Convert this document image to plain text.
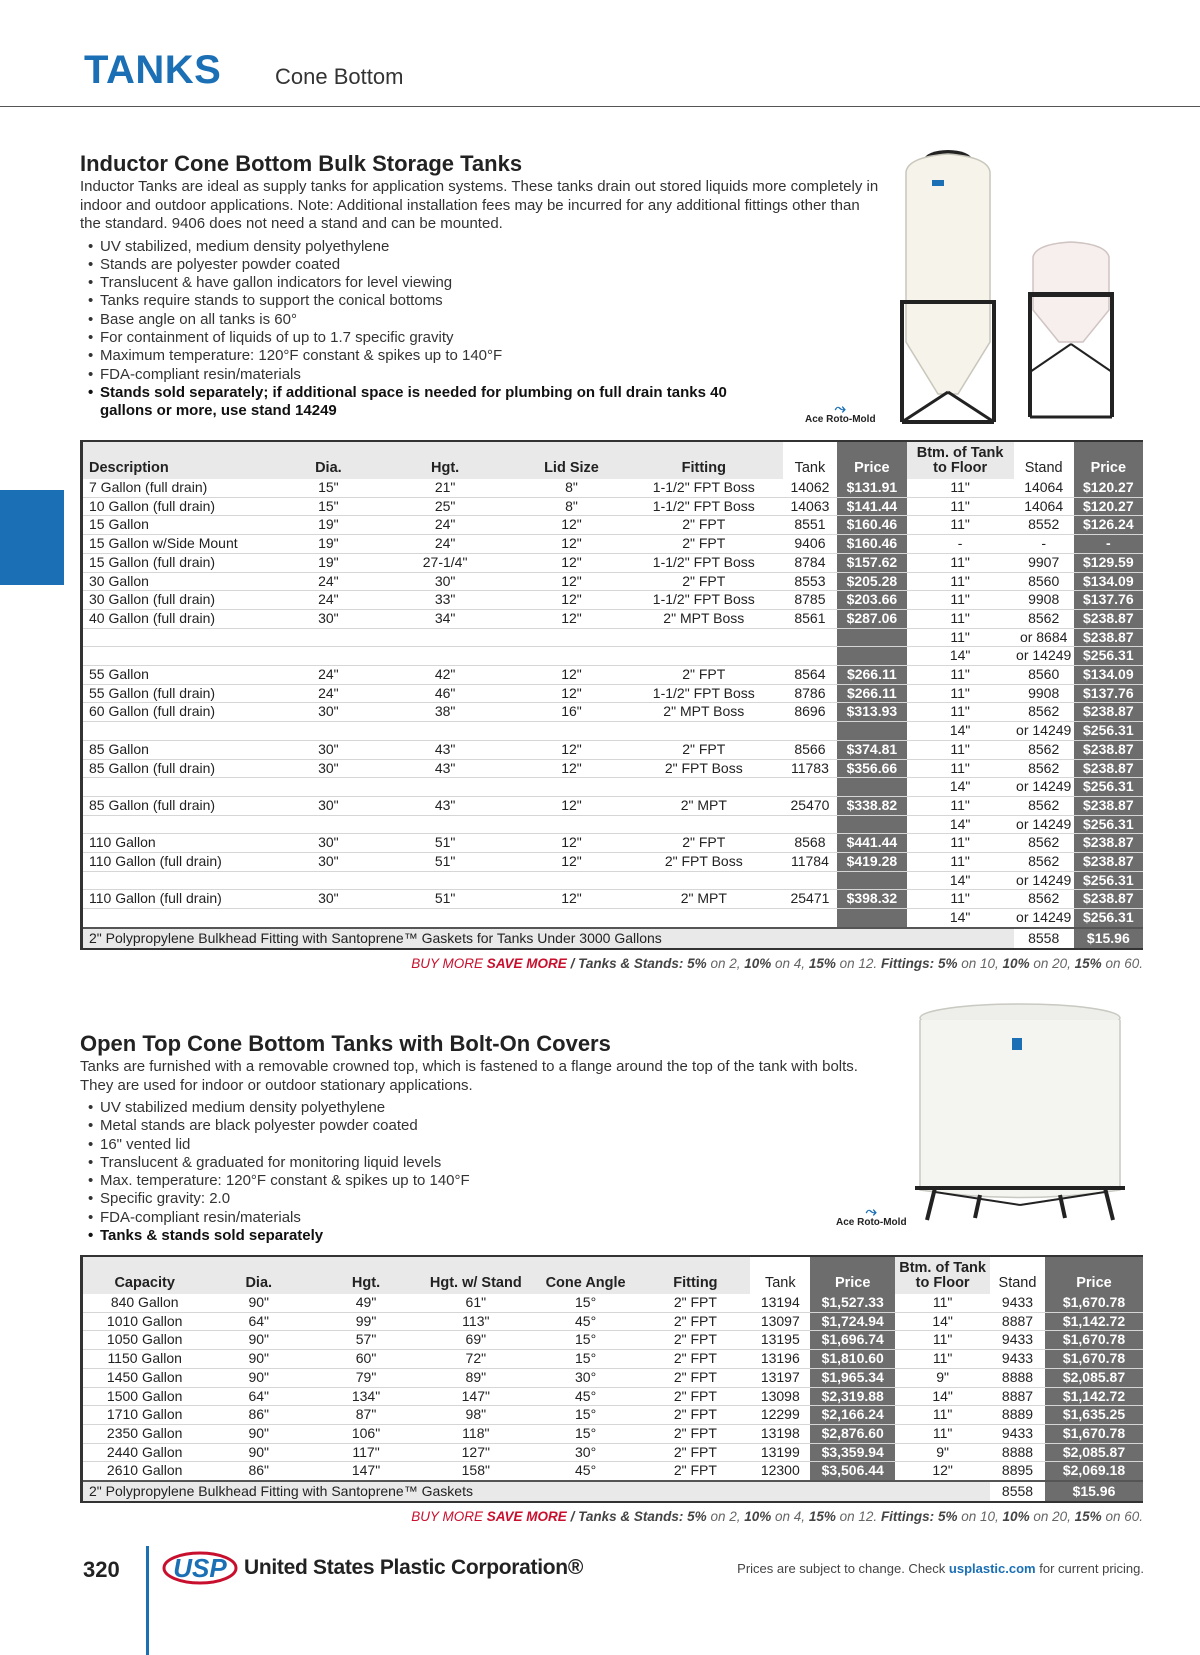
TANKS Cone Bottom
Inductor Cone Bottom Bulk Storage Tanks

Inductor Tanks are ideal as supply tanks for application systems. These tanks drain out stored liquids more completely in indoor and outdoor applications. Note: Additional installation fees may be incurred for any additional fittings other than the standard. 9406 does not need a stand and can be mounted.

• UV stabilized, medium density polyethylene
• Stands are polyester powder coated
• Translucent & have gallon indicators for level viewing
• Tanks require stands to support the conical bottoms
• Base angle on all tanks is 60°
• For containment of liquids of up to 1.7 specific gravity
• Maximum temperature: 120°F constant & spikes up to 140°F
• FDA-compliant resin/materials
• Stands sold separately; if additional space is needed for plumbing on full drain tanks 40 gallons or more, use stand 14249	⤳
Ace Roto-Mold
Description	Dia.	Hgt.	Lid Size	Fitting	Tank	Price	Btm. of Tank to Floor	Stand	Price
7 Gallon (full drain)	15"	21"	8"	1-1/2" FPT Boss	14062	$131.91	11"	14064	$120.27
10 Gallon (full drain)	15"	25"	8"	1-1/2" FPT Boss	14063	$141.44	11"	14064	$120.27
15 Gallon	19"	24"	12"	2" FPT	8551	$160.46	11"	8552	$126.24
15 Gallon w/Side Mount	19"	24"	12"	2" FPT	9406	$160.46	-	-	-
15 Gallon (full drain)	19"	27-1/4"	12"	1-1/2" FPT Boss	8784	$157.62	11"	9907	$129.59
30 Gallon	24"	30"	12"	2" FPT	8553	$205.28	11"	8560	$134.09
30 Gallon (full drain)	24"	33"	12"	1-1/2" FPT Boss	8785	$203.66	11"	9908	$137.76
40 Gallon (full drain)	30"	34"	12"	2" MPT Boss	8561	$287.06	11"	8562	$238.87
							11"	or 8684	$238.87
							14"	or 14249	$256.31
55 Gallon	24"	42"	12"	2" FPT	8564	$266.11	11"	8560	$134.09
55 Gallon (full drain)	24"	46"	12"	1-1/2" FPT Boss	8786	$266.11	11"	9908	$137.76
60 Gallon (full drain)	30"	38"	16"	2" MPT Boss	8696	$313.93	11"	8562	$238.87
							14"	or 14249	$256.31
85 Gallon	30"	43"	12"	2" FPT	8566	$374.81	11"	8562	$238.87
85 Gallon (full drain)	30"	43"	12"	2" FPT Boss	11783	$356.66	11"	8562	$238.87
							14"	or 14249	$256.31
85 Gallon (full drain)	30"	43"	12"	2" MPT	25470	$338.82	11"	8562	$238.87
							14"	or 14249	$256.31
110 Gallon	30"	51"	12"	2" FPT	8568	$441.44	11"	8562	$238.87
110 Gallon (full drain)	30"	51"	12"	2" FPT Boss	11784	$419.28	11"	8562	$238.87
							14"	or 14249	$256.31
110 Gallon (full drain)	30"	51"	12"	2" MPT	25471	$398.32	11"	8562	$238.87
							14"	or 14249	$256.31
2" Polypropylene Bulkhead Fitting with Santoprene™ Gaskets for Tanks Under 3000 Gallons								8558	$15.96
BUY MORE SAVE MORE / Tanks & Stands: 5% on 2, 10% on 4, 15% on 12. Fittings: 5% on 10, 10% on 20, 15% on 60.
Open Top Cone Bottom Tanks with Bolt-On Covers

Tanks are furnished with a removable crowned top, which is fastened to a flange around the top of the tank with bolts. They are used for indoor or outdoor stationary applications.

• UV stabilized medium density polyethylene
• Metal stands are black polyester powder coated
• 16" vented lid
• Translucent & graduated for monitoring liquid levels
• Max. temperature: 120°F constant & spikes up to 140°F
• Specific gravity: 2.0
• FDA-compliant resin/materials
• Tanks & stands sold separately
⤳
Ace Roto-Mold
Capacity	Dia.	Hgt.	Hgt. w/ Stand	Cone Angle	Fitting	Tank	Price	Btm. of Tank to Floor	Stand	Price
840 Gallon	90"	49"	61"	15°	2" FPT	13194	$1,527.33	11"	9433	$1,670.78
1010 Gallon	64"	99"	113"	45°	2" FPT	13097	$1,724.94	14"	8887	$1,142.72
1050 Gallon	90"	57"	69"	15°	2" FPT	13195	$1,696.74	11"	9433	$1,670.78
1150 Gallon	90"	60"	72"	15°	2" FPT	13196	$1,810.60	11"	9433	$1,670.78
1450 Gallon	90"	79"	89"	30°	2" FPT	13197	$1,965.34	9"	8888	$2,085.87
1500 Gallon	64"	134"	147"	45°	2" FPT	13098	$2,319.88	14"	8887	$1,142.72
1710 Gallon	86"	87"	98"	15°	2" FPT	12299	$2,166.24	11"	8889	$1,635.25
2350 Gallon	90"	106"	118"	15°	2" FPT	13198	$2,876.60	11"	9433	$1,670.78
2440 Gallon	90"	117"	127"	30°	2" FPT	13199	$3,359.94	9"	8888	$2,085.87
2610 Gallon	86"	147"	158"	45°	2" FPT	12300	$3,506.44	12"	8895	$2,069.18
2" Polypropylene Bulkhead Fitting with Santoprene™ Gaskets									8558	$15.96
BUY MORE SAVE MORE / Tanks & Stands: 5% on 2, 10% on 4, 15% on 12. Fittings: 5% on 10, 10% on 20, 15% on 60.
320 USP United States Plastic Corporation®	Prices are subject to change. Check usplastic.com for current pricing.
